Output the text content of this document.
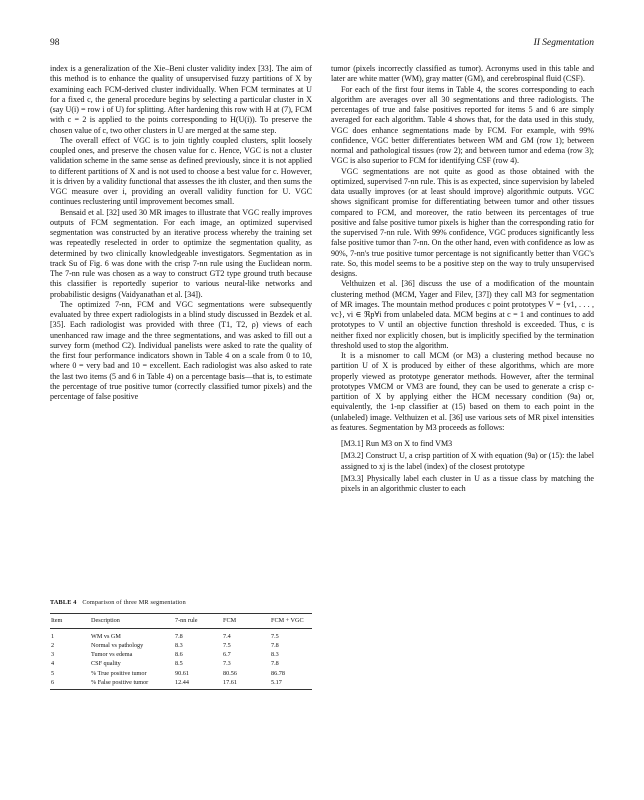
98	II Segmentation

index is a generalization of the Xie–Beni cluster validity index [33]. The aim of this method is to enhance the quality of unsupervised fuzzy partitions of X by examining each FCM-derived cluster individually. When FCM terminates at U for a fixed c, the general procedure begins by selecting a particular cluster in X (say U(i) = row i of U) for splitting. After hardening this row with H at (7), FCM with c = 2 is applied to the points corresponding to H(U(i)). To preserve the chosen value of c, two other clusters in U are merged at the same step.

The overall effect of VGC is to join tightly coupled clusters, split loosely coupled ones, and preserve the chosen value for c. Hence, VGC is not a cluster validation scheme in the same sense as defined previously, since it is not applied to different partitions of X and is not used to choose a best value for c. However, it is driven by a validity functional that assesses the ith cluster, and then sums the VGC measure over i, providing an overall validity function for U. VGC continues reclustering until improvement becomes small.

Bensaid et al. [32] used 30 MR images to illustrate that VGC really improves outputs of FCM segmentation. For each image, an optimized supervised segmentation was constructed by an iterative process whereby the training set was repeatedly reselected in order to optimize the segmentation quality, as determined by two clinically knowledgeable investigators. Segmentation as in track Su of Fig. 6 was done with the crisp 7-nn rule using the Euclidean norm. The 7-nn rule was chosen as a way to construct GT2 type ground truth because this classifier is reportedly superior to various neural-like networks and probabilistic designs (Vaidyanathan et al. [34]).

The optimized 7-nn, FCM and VGC segmentations were subsequently evaluated by three expert radiologists in a blind study discussed in Bezdek et al. [35]. Each radiologist was provided with three (T1, T2, ρ) views of each unenhanced raw image and the three segmentations, and was asked to fill out a survey form (method C2). Individual panelists were asked to rate the quality of the first four performance indicators shown in Table 4 on a scale from 0 to 10, where 0 = very bad and 10 = excellent. Each radiologist was also asked to rate the last two items (5 and 6 in Table 4) on a percentage basis—that is, to estimate the percentage of true positive tumor (correctly classified tumor pixels) and the percentage of false positive

TABLE 4 Comparison of three MR segmentation
Item	Description	7-nn rule	FCM	FCM + VGC
1	WM vs GM	7.8	7.4	7.5
2	Normal vs pathology	8.3	7.5	7.8
3	Tumor vs edema	8.6	6.7	8.3
4	CSF quality	8.5	7.3	7.8
5	% True positive tumor	90.61	80.56	86.78
6	% False positive tumor	12.44	17.61	5.17

tumor (pixels incorrectly classified as tumor). Acronyms used in this table and later are white matter (WM), gray matter (GM), and cerebrospinal fluid (CSF).

For each of the first four items in Table 4, the scores corresponding to each algorithm are averages over all 30 segmentations and three radiologists. The percentages of true and false positives reported for items 5 and 6 are simply averaged for each algorithm. Table 4 shows that, for the data used in this study, VGC does enhance segmentations made by FCM. For example, with 99% confidence, VGC better differentiates between WM and GM (row 1); between normal and pathological tissues (row 2); and between tumor and edema (row 3); VGC is also superior to FCM for identifying CSF (row 4).

VGC segmentations are not quite as good as those obtained with the optimized, supervised 7-nn rule. This is as expected, since supervision by labeled data usually improves (or at least should improve) algorithmic outputs. VGC shows significant promise for differentiating between tumor and other tissues compared to FCM, and moreover, the ratio between its percentages of true positive and false positive tumor pixels is higher than the corresponding ratio for the supervised 7-nn rule. With 99% confidence, VGC produces significantly less false positive tumor than 7-nn. On the other hand, even with confidence as low as 90%, 7-nn's true positive tumor percentage is not significantly better than VGC's rate. So, this model seems to be a positive step on the way to truly unsupervised designs.

Velthuizen et al. [36] discuss the use of a modification of the mountain clustering method (MCM, Yager and Filev, [37]) they call M3 for segmentation of MR images. The mountain method produces c point prototypes V = {v1, . . . , vc}, vi ∈ ℜp∀i from unlabeled data. MCM begins at c = 1 and continues to add prototypes to V until an objective function threshold is exceeded. Thus, c is neither fixed nor explicitly chosen, but is implicitly specified by the termination threshold used to stop the algorithm.

It is a misnomer to call MCM (or M3) a clustering method because no partition U of X is produced by either of these algorithms, which are more properly viewed as prototype generator methods. However, after the terminal prototypes VMCM or VM3 are found, they can be used to generate a crisp c-partition of X by applying either the HCM necessary condition (9a) or, equivalently, the 1-np classifier at (15) based on them to each point in the (unlabeled) image. Velthuizen et al. [36] use various sets of MR pixel intensities as features. Segmentation by M3 proceeds as follows:

[M3.1] Run M3 on X to find VM3

[M3.2] Construct U, a crisp partition of X with equation (9a) or (15): the label assigned to xj is the label (index) of the closest prototype

[M3.3] Physically label each cluster in U as a tissue class by matching the pixels in an algorithmic cluster to each
